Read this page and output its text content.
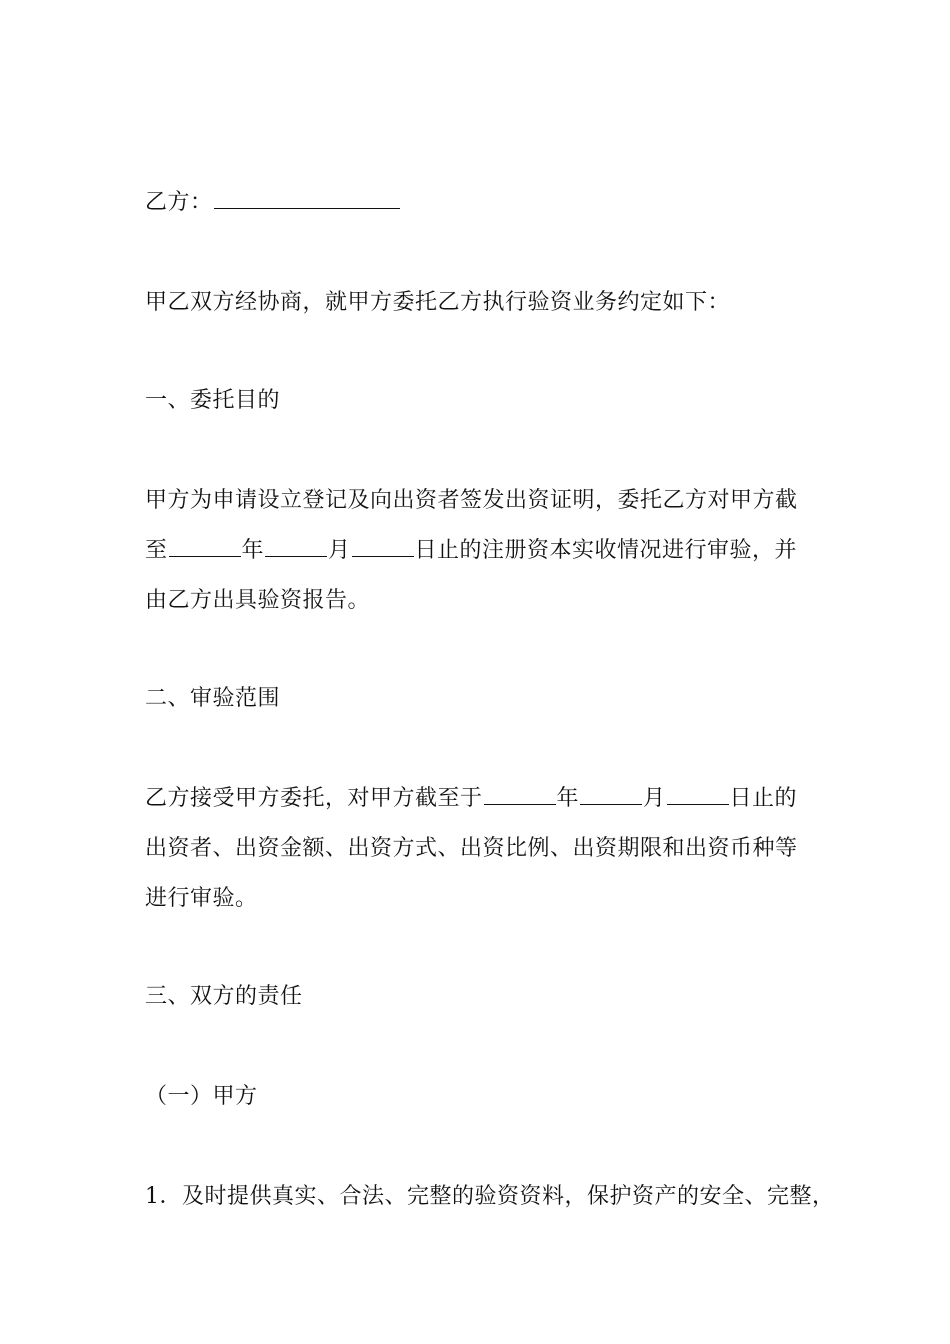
乙方：
甲乙双方经协商，就甲方委托乙方执行验资业务约定如下：
一、委托目的
甲方为申请设立登记及向出资者签发出资证明，委托乙方对甲方截
至	年	月	日止的注册资本实收情况进行审验，并
由乙方出具验资报告。
二、审验范围
乙方接受甲方委托，对甲方截至于	年	月	日止的
出资者、出资金额、出资方式、出资比例、出资期限和出资币种等
进行审验。
三、双方的责任
（一）甲方
1．及时提供真实、合法、完整的验资资料，保护资产的安全、完整，
